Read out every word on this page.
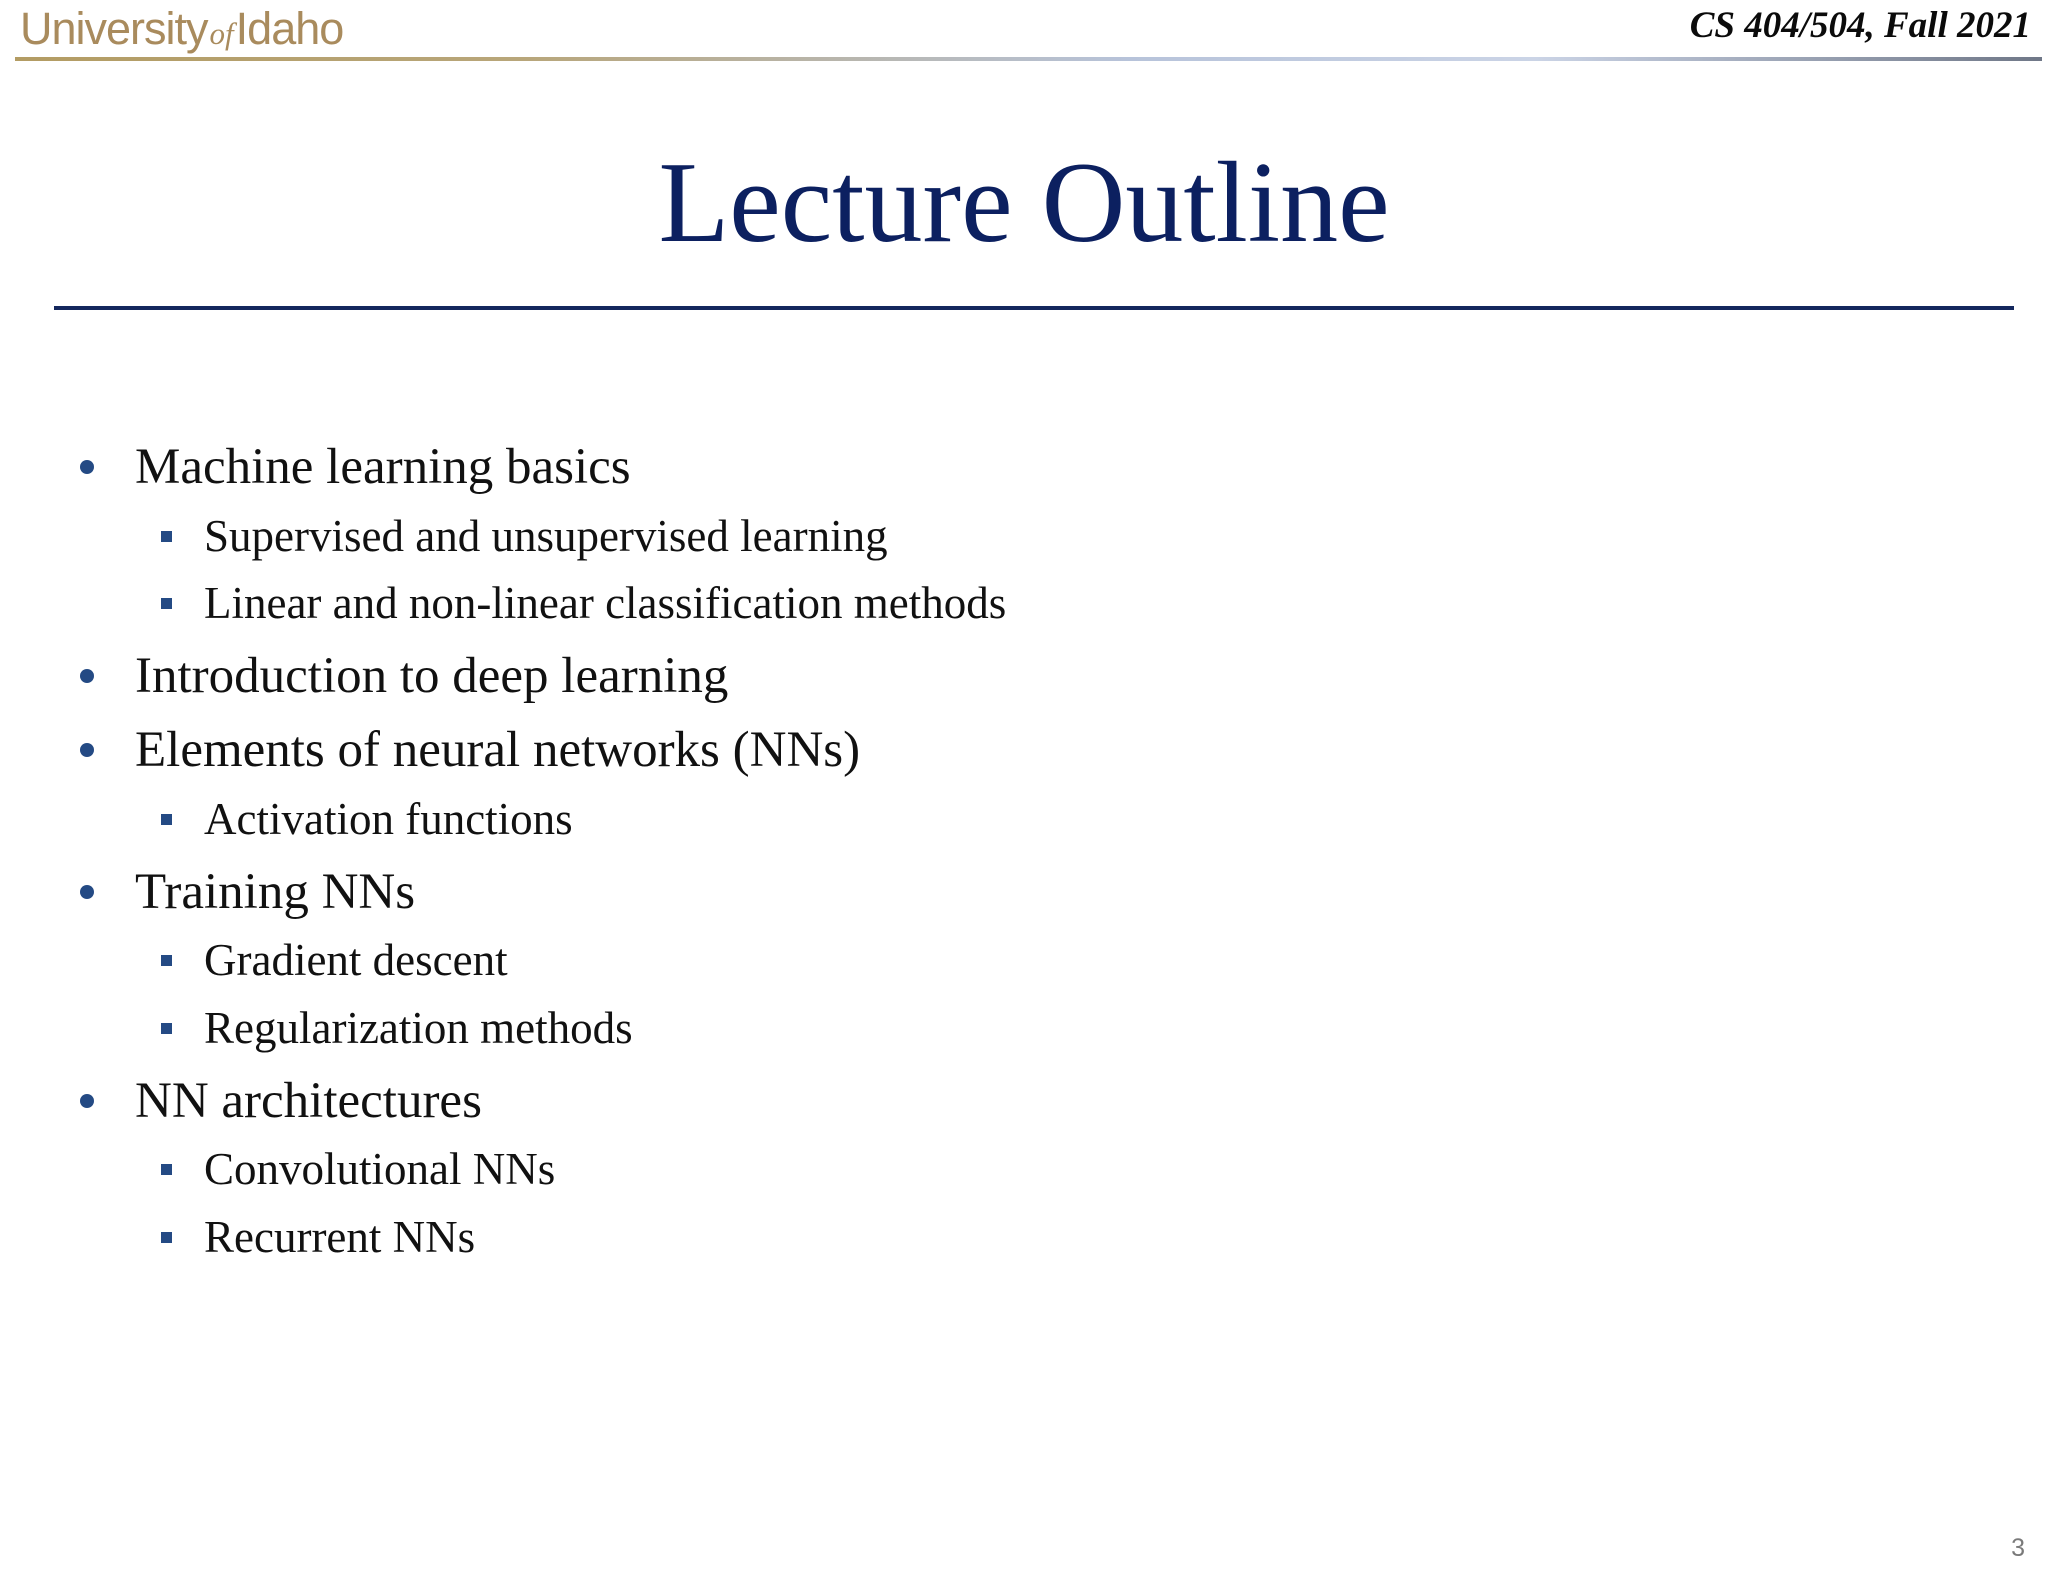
UniversityofIdaho	CS 404/504, Fall 2021
Lecture Outline
Machine learning basics
Supervised and unsupervised learning
Linear and non-linear classification methods
Introduction to deep learning
Elements of neural networks (NNs)
Activation functions
Training NNs
Gradient descent
Regularization methods
NN architectures
Convolutional NNs
Recurrent NNs
3
